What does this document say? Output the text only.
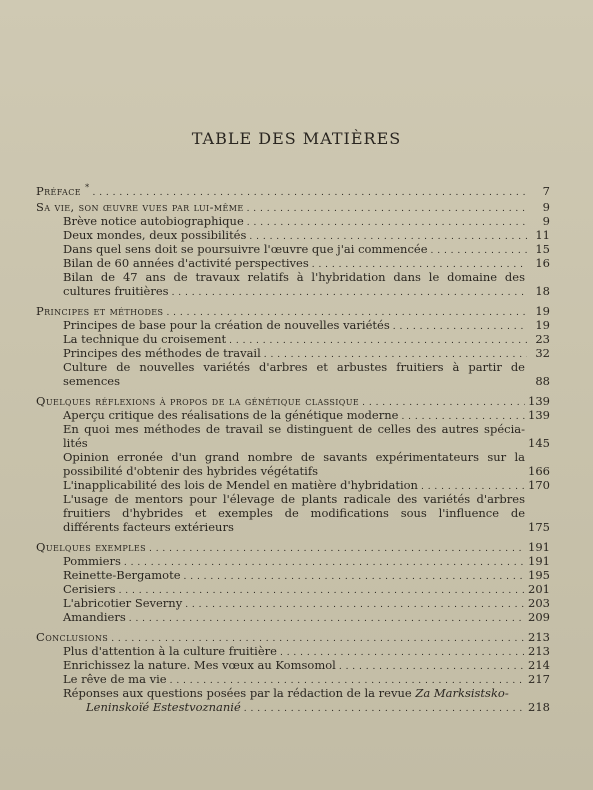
TABLE DES MATIÈRES
Préface * . . .	7
Sa vie, son œuvre vues par lui-même . . .	9
Brève notice autobiographique . . .	9
Deux mondes, deux possibilités . . .	11
Dans quel sens doit se poursuivre l'œuvre que j'ai commencée . . .	15
Bilan de 60 années d'activité perspectives . . .	16
Bilan de 47 ans de travaux relatifs à l'hybridation dans le domaine des
cultures fruitières . . .	18
Principes et méthodes . . .	19
Principes de base pour la création de nouvelles variétés . . .	19
La technique du croisement . . .	23
Principes des méthodes de travail . . .	32
Culture de nouvelles variétés d'arbres et arbustes fruitiers à partir de
semences	88
Quelques réflexions à propos de la génétique classique . . .	139
Aperçu critique des réalisations de la génétique moderne . . .	139
En quoi mes méthodes de travail se distinguent de celles des autres spécia-
lités	145
Opinion erronée d'un grand nombre de savants expérimentateurs sur la
possibilité d'obtenir des hybrides végétatifs	166
L'inapplicabilité des lois de Mendel en matière d'hybridation . . .	170
L'usage de mentors pour l'élevage de plants radicale des variétés d'arbres
fruitiers d'hybrides et exemples de modifications sous l'influence de
différents facteurs extérieurs	175
Quelques exemples . . .	191
Pommiers . . .	191
Reinette-Bergamote . . .	195
Cerisiers . . .	201
L'abricotier Severny . . .	203
Amandiers . . .	209
Conclusions . . .	213
Plus d'attention à la culture fruitière . . .	213
Enrichissez la nature. Mes vœux au Komsomol . . .	214
Le rêve de ma vie . . .	217
Réponses aux questions posées par la rédaction de la revue Za Marksistsko-
Leninskoïé Estestvoznanié . . .	218
